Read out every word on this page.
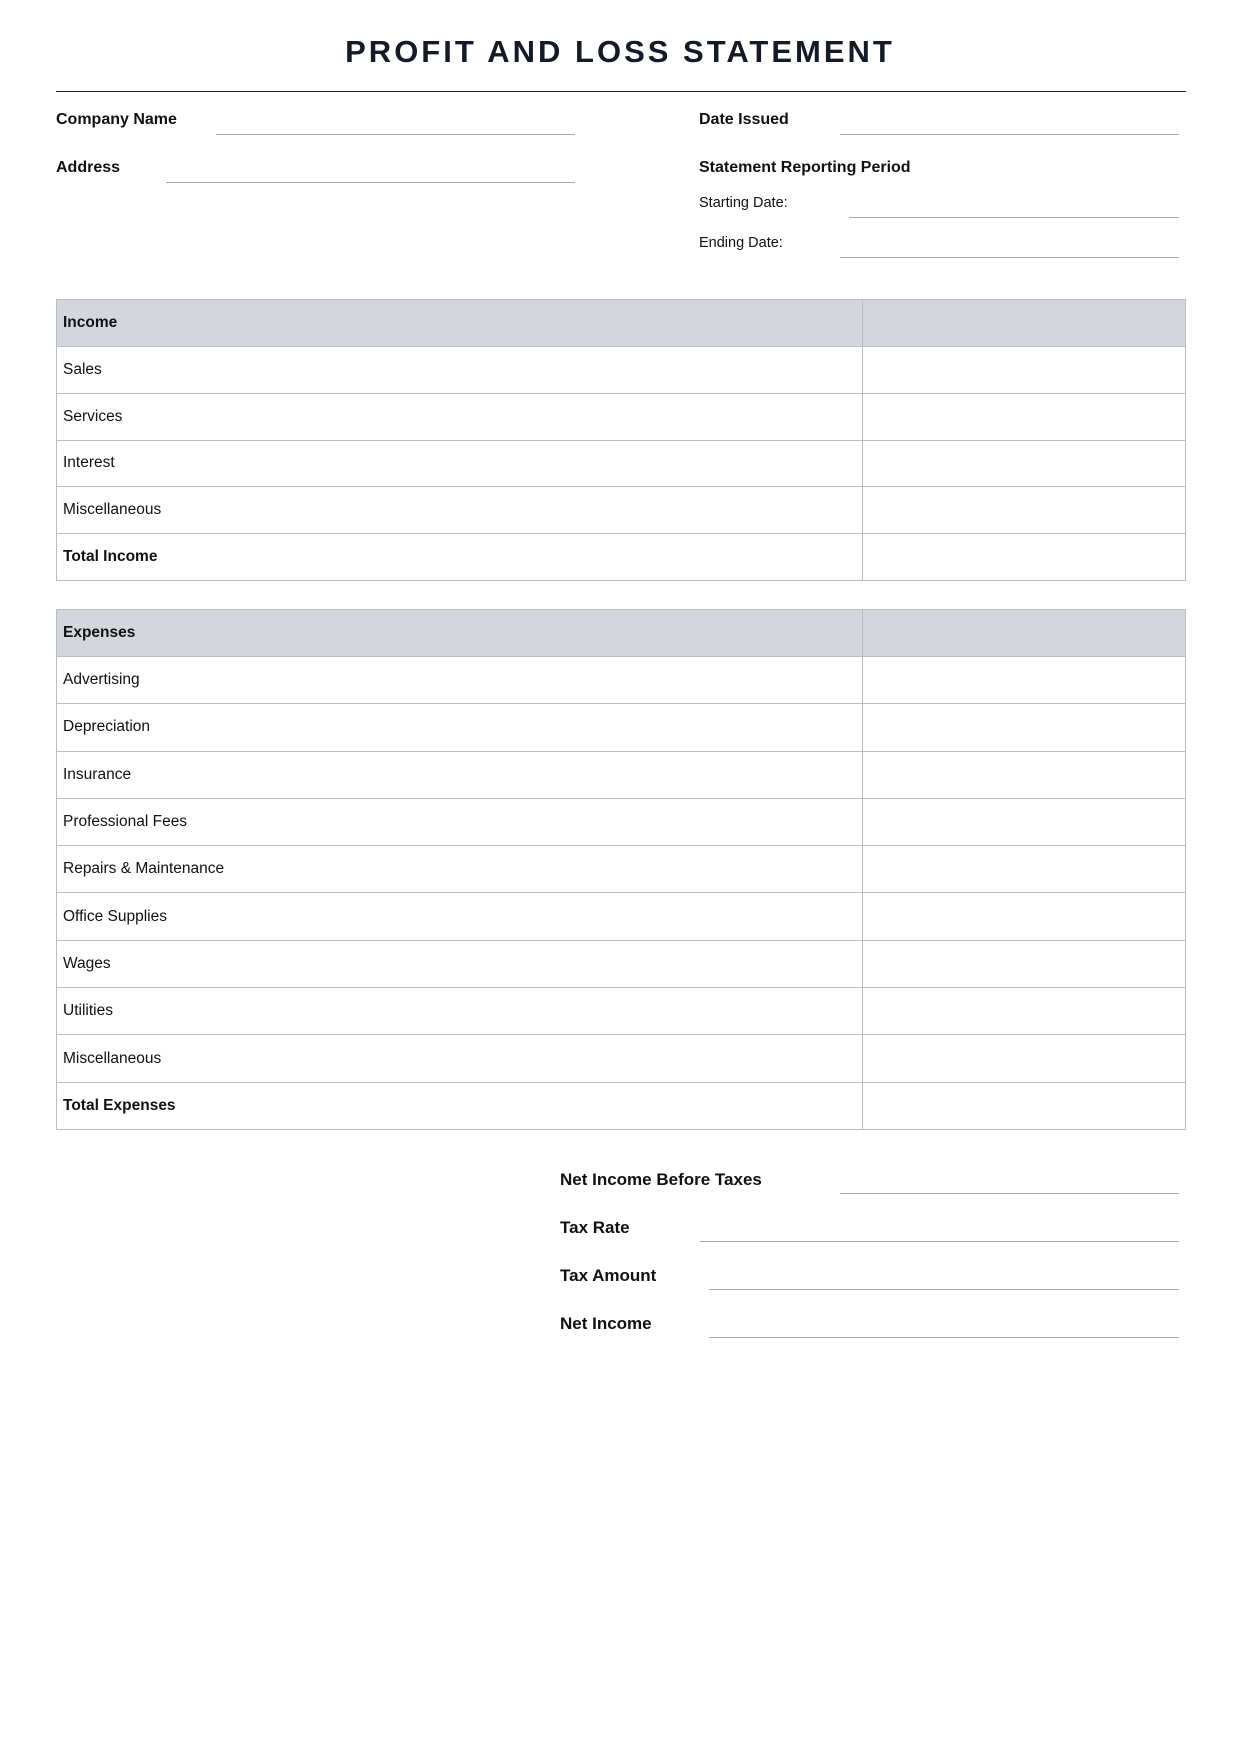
PROFIT AND LOSS STATEMENT
Company Name
Address
Date Issued
Statement Reporting Period
Starting Date:
Ending Date:
Income	
Sales	
Services	
Interest	
Miscellaneous	
Total Income	
Expenses	
Advertising	
Depreciation	
Insurance	
Professional Fees	
Repairs & Maintenance	
Office Supplies	
Wages	
Utilities	
Miscellaneous	
Total Expenses	
Net Income Before Taxes
Tax Rate
Tax Amount
Net Income
